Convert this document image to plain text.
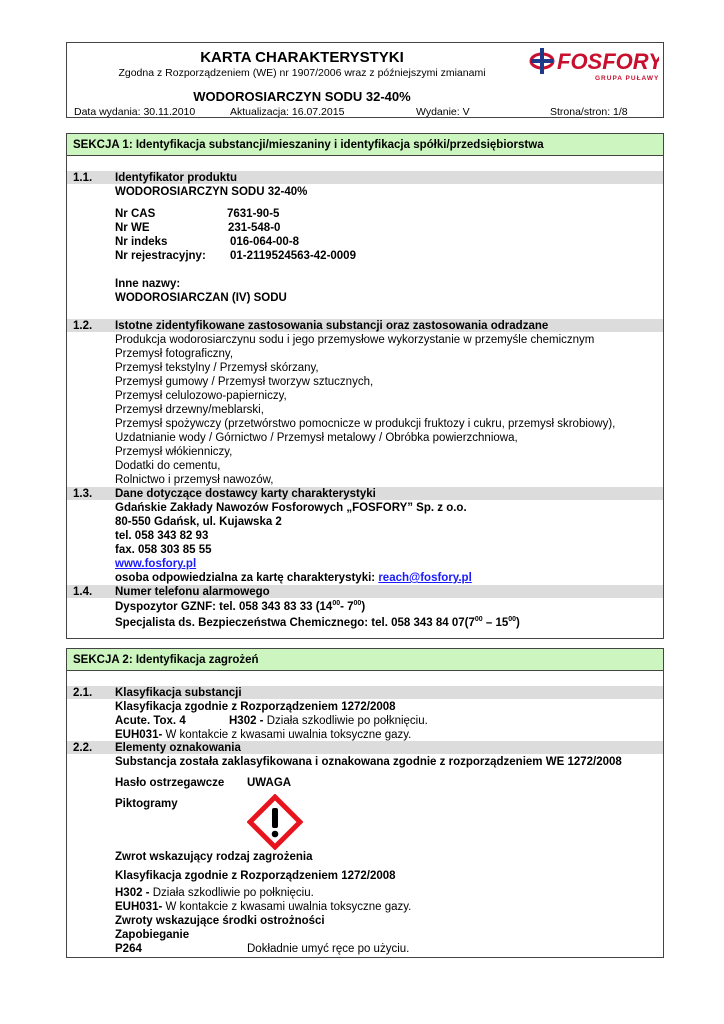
KARTA CHARAKTERYSTYKI
Zgodna z Rozporządzeniem (WE) nr 1907/2006 wraz z późniejszymi zmianami
WODOROSIARCZYN SODU 32-40%
FOSFORY
GRUPA PUŁAWY
Data wydania: 30.11.2010	Aktualizacja: 16.07.2015	Wydanie: V	Strona/stron: 1/8
SEKCJA 1: Identyfikacja substancji/mieszaniny i identyfikacja spółki/przedsiębiorstwa
1.1. Identyfikator produktu
WODOROSIARCZYN SODU 32-40%
Nr CAS	7631-90-5
Nr WE	231-548-0
Nr indeks	016-064-00-8
Nr rejestracyjny: 01-2119524563-42-0009
Inne nazwy:
WODOROSIARCZAN (IV) SODU
1.2. Istotne zidentyfikowane zastosowania substancji oraz zastosowania odradzane
Produkcja wodorosiarczynu sodu i jego przemysłowe wykorzystanie w przemyśle chemicznym
Przemysł fotograficzny,
Przemysł tekstylny / Przemysł skórzany,
Przemysł gumowy / Przemysł tworzyw sztucznych,
Przemysł celulozowo-papierniczy,
Przemysł drzewny/meblarski,
Przemysł spożywczy (przetwórstwo pomocnicze w produkcji fruktozy i cukru, przemysł skrobiowy),
Uzdatnianie wody / Górnictwo / Przemysł metalowy / Obróbka powierzchniowa,
Przemysł włókienniczy,
Dodatki do cementu,
Rolnictwo i przemysł nawozów,
1.3. Dane dotyczące dostawcy karty charakterystyki
Gdańskie Zakłady Nawozów Fosforowych „FOSFORY” Sp. z o.o.
80-550 Gdańsk, ul. Kujawska 2
tel. 058 343 82 93
fax. 058 303 85 55
www.fosfory.pl
osoba odpowiedzialna za kartę charakterystyki: reach@fosfory.pl
1.4. Numer telefonu alarmowego
Dyspozytor GZNF: tel. 058 343 83 33 ($14^{00}-$ $7^{00}$)
Specjalista ds. Bezpieczeństwa Chemicznego: tel. 058 343 84 $07(7^{00} - 15^{00})$
SEKCJA 2: Identyfikacja zagrożeń
2.1. Klasyfikacja substancji
Klasyfikacja zgodnie z Rozporządzeniem 1272/2008
Acute. Tox. 4	H302 - Działa szkodliwie po połknięciu.
EUH031- W kontakcie z kwasami uwalnia toksyczne gazy.
2.2. Elementy oznakowania
Substancja została zaklasyfikowana i oznakowana zgodnie z rozporządzeniem WE 1272/2008
Hasło ostrzegawcze UWAGA
Piktogramy
Zwrot wskazujący rodzaj zagrożenia
Klasyfikacja zgodnie z Rozporządzeniem 1272/2008
H302 - Działa szkodliwie po połknięciu.
EUH031- W kontakcie z kwasami uwalnia toksyczne gazy.
Zwroty wskazujące środki ostrożności
Zapobieganie
P264	Dokładnie umyć ręce po użyciu.
